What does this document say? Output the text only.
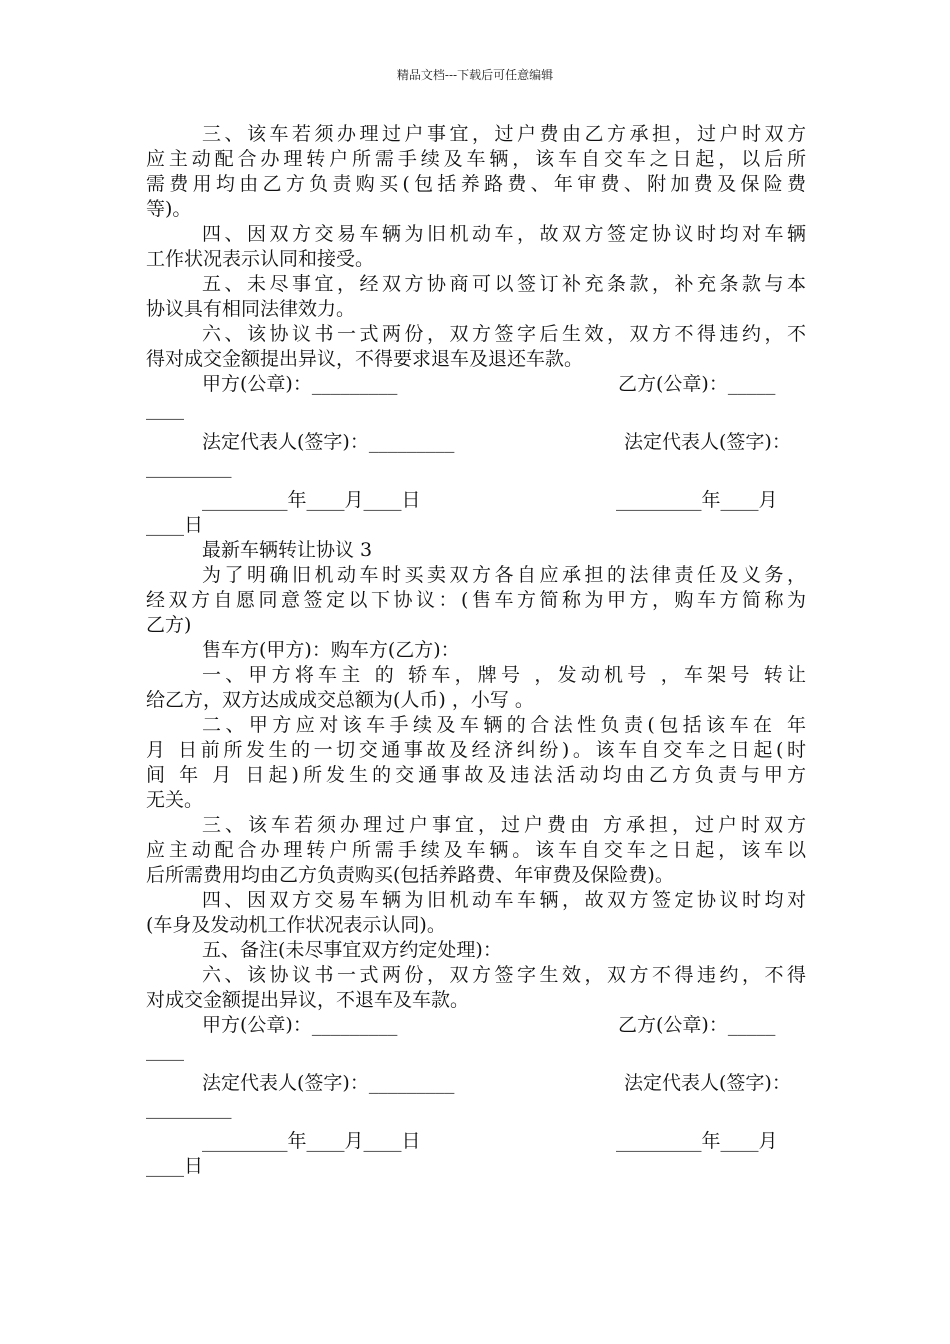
精品文档---下载后可任意编辑
三、该车若须办理过户事宜，过户费由乙方承担，过户时双方
应主动配合办理转户所需手续及车辆，该车自交车之日起，以后所
需费用均由乙方负责购买(包括养路费、年审费、附加费及保险费
等)。
四、因双方交易车辆为旧机动车，故双方签定协议时均对车辆
工作状况表示认同和接受。
五、未尽事宜，经双方协商可以签订补充条款，补充条款与本
协议具有相同法律效力。
六、该协议书一式两份，双方签字后生效，双方不得违约，不
得对成交金额提出异议，不得要求退车及退还车款。
甲方(公章)：_________	乙方(公章)：_____
____
法定代表人(签字)：_________	法定代表人(签字)：
_________
_________年____月____日	_________年____月
____日
最新车辆转让协议 3
为了明确旧机动车时买卖双方各自应承担的法律责任及义务，
经双方自愿同意签定以下协议：(售车方简称为甲方，购车方简称为
乙方)
售车方(甲方)：购车方(乙方)：
一、甲方将车主 的 轿车，牌号 ，发动机号 ，车架号 转让
给乙方，双方达成成交总额为(人币) ，小写 。
二、甲方应对该车手续及车辆的合法性负责(包括该车在 年
月 日前所发生的一切交通事故及经济纠纷)。该车自交车之日起(时
间 年 月 日起)所发生的交通事故及违法活动均由乙方负责与甲方
无关。
三、该车若须办理过户事宜，过户费由 方承担，过户时双方
应主动配合办理转户所需手续及车辆。该车自交车之日起，该车以
后所需费用均由乙方负责购买(包括养路费、年审费及保险费)。
四、因双方交易车辆为旧机动车车辆，故双方签定协议时均对
(车身及发动机工作状况表示认同)。
五、备注(未尽事宜双方约定处理)：
六、该协议书一式两份，双方签字生效，双方不得违约，不得
对成交金额提出异议，不退车及车款。
甲方(公章)：_________	乙方(公章)：_____
____
法定代表人(签字)：_________	法定代表人(签字)：
_________
_________年____月____日	_________年____月
____日
